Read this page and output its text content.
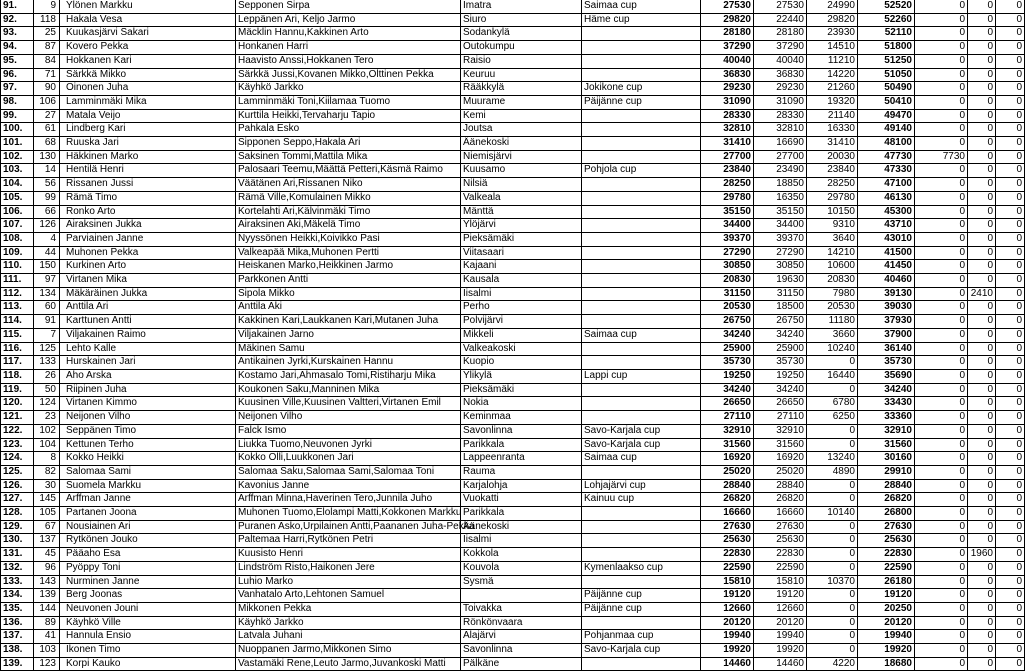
91.	9	Ylönen Markku	Sepponen Sirpa	Imatra	Saimaa cup	27530	27530	24990	52520	0	0	0
92.	118	Hakala Vesa	Leppänen Ari, Keljo Jarmo	Siuro	Häme cup	29820	22440	29820	52260	0	0	0
93.	25	Kuukasjärvi Sakari	Mäcklin Hannu,Kakkinen Arto	Sodankylä		28180	28180	23930	52110	0	0	0
94.	87	Kovero Pekka	Honkanen Harri	Outokumpu		37290	37290	14510	51800	0	0	0
95.	84	Hokkanen Kari	Haavisto Anssi,Hokkanen Tero	Raisio		40040	40040	11210	51250	0	0	0
96.	71	Särkkä Mikko	Särkkä Jussi,Kovanen Mikko,Olttinen Pekka	Keuruu		36830	36830	14220	51050	0	0	0
97.	90	Oinonen Juha	Käyhkö Jarkko	Rääkkylä	Jokikone cup	29230	29230	21260	50490	0	0	0
98.	106	Lamminmäki Mika	Lamminmäki Toni,Kiilamaa Tuomo	Muurame	Päijänne cup	31090	31090	19320	50410	0	0	0
99.	27	Matala Veijo	Kurttila Heikki,Tervaharju Tapio	Kemi		28330	28330	21140	49470	0	0	0
100.	61	Lindberg Kari	Pahkala Esko	Joutsa		32810	32810	16330	49140	0	0	0
101.	68	Ruuska Jari	Sipponen Seppo,Hakala Ari	Äänekoski		31410	16690	31410	48100	0	0	0
102.	130	Häkkinen Marko	Saksinen Tommi,Mattila Mika	Niemisjärvi		27700	27700	20030	47730	7730	0	0
103.	14	Hentilä Henri	Palosaari Teemu,Määttä Petteri,Käsmä Raimo	Kuusamo	Pohjola cup	23840	23490	23840	47330	0	0	0
104.	56	Rissanen Jussi	Väätänen Ari,Rissanen Niko	Nilsiä		28250	18850	28250	47100	0	0	0
105.	99	Rämä Timo	Rämä Ville,Komulainen Mikko	Valkeala		29780	16350	29780	46130	0	0	0
106.	66	Ronko Arto	Kortelahti Ari,Kälvinmäki Timo	Mänttä		35150	35150	10150	45300	0	0	0
107.	126	Airaksinen Jukka	Airaksinen Aki,Mäkelä Timo	Ylöjärvi		34400	34400	9310	43710	0	0	0
108.	4	Parviainen Janne	Nyyssönen Heikki,Koivikko Pasi	Pieksämäki		39370	39370	3640	43010	0	0	0
109.	44	Muhonen Pekka	Valkeapää Mika,Muhonen Pertti	Viitasaari		27290	27290	14210	41500	0	0	0
110.	150	Kurkinen Arto	Heiskanen Marko,Heikkinen Jarmo	Kajaani		30850	30850	10600	41450	0	0	0
111.	97	Virtanen Mika	Parkkonen Antti	Kausala		20830	19630	20830	40460	0	0	0
112.	134	Mäkäräinen Jukka	Sipola Mikko	Iisalmi		31150	31150	7980	39130	0	2410	0
113.	60	Anttila Ari	Anttila Aki	Perho		20530	18500	20530	39030	0	0	0
114.	91	Karttunen Antti	Kakkinen Kari,Laukkanen Kari,Mutanen Juha	Polvijärvi		26750	26750	11180	37930	0	0	0
115.	7	Viljakainen Raimo	Viljakainen Jarno	Mikkeli	Saimaa cup	34240	34240	3660	37900	0	0	0
116.	125	Lehto Kalle	Mäkinen Samu	Valkeakoski		25900	25900	10240	36140	0	0	0
117.	133	Hurskainen Jari	Antikainen Jyrki,Kurskainen Hannu	Kuopio		35730	35730	0	35730	0	0	0
118.	26	Aho Arska	Kostamo Jari,Ahmasalo Tomi,Ristiharju Mika	Ylikylä	Lappi cup	19250	19250	16440	35690	0	0	0
119.	50	Riipinen Juha	Koukonen Saku,Manninen Mika	Pieksämäki		34240	34240	0	34240	0	0	0
120.	124	Virtanen Kimmo	Kuusinen Ville,Kuusinen Valtteri,Virtanen Emil	Nokia		26650	26650	6780	33430	0	0	0
121.	23	Neijonen Vilho	Neijonen Vilho	Keminmaa		27110	27110	6250	33360	0	0	0
122.	102	Seppänen Timo	Falck Ismo	Savonlinna	Savo-Karjala cup	32910	32910	0	32910	0	0	0
123.	104	Kettunen Terho	Liukka Tuomo,Neuvonen Jyrki	Parikkala	Savo-Karjala cup	31560	31560	0	31560	0	0	0
124.	8	Kokko Heikki	Kokko Olli,Luukkonen Jari	Lappeenranta	Saimaa cup	16920	16920	13240	30160	0	0	0
125.	82	Salomaa Sami	Salomaa Saku,Salomaa Sami,Salomaa Toni	Rauma		25020	25020	4890	29910	0	0	0
126.	30	Suomela Markku	Kavonius Janne	Karjalohja	Lohjajärvi cup	28840	28840	0	28840	0	0	0
127.	145	Arffman Janne	Arffman Minna,Haverinen Tero,Junnila Juho	Vuokatti	Kainuu cup	26820	26820	0	26820	0	0	0
128.	105	Partanen Joona	Muhonen Tuomo,Elolampi Matti,Kokkonen Markku	Parikkala		16660	16660	10140	26800	0	0	0
129.	67	Nousiainen Ari	Puranen Asko,Urpilainen Antti,Paananen Juha-Pekka	Äänekoski		27630	27630	0	27630	0	0	0
130.	137	Rytkönen Jouko	Paltemaa Harri,Rytkönen Petri	Iisalmi		25630	25630	0	25630	0	0	0
131.	45	Pääaho Esa	Kuusisto Henri	Kokkola		22830	22830	0	22830	0	1960	0
132.	96	Pyöppy Toni	Lindström Risto,Haikonen Jere	Kouvola	Kymenlaakso cup	22590	22590	0	22590	0	0	0
133.	143	Nurminen Janne	Luhio Marko	Sysmä		15810	15810	10370	26180	0	0	0
134.	139	Berg Joonas	Vanhatalo Arto,Lehtonen Samuel		Päijänne cup	19120	19120	0	19120	0	0	0
135.	144	Neuvonen Jouni	Mikkonen Pekka	Toivakka	Päijänne cup	12660	12660	0	20250	0	0	0
136.	89	Käyhkö Ville	Käyhkö Jarkko	Rönkönvaara		20120	20120	0	20120	0	0	0
137.	41	Hannula Ensio	Latvala Juhani	Alajärvi	Pohjanmaa cup	19940	19940	0	19940	0	0	0
138.	103	Ikonen Timo	Nuoppanen Jarmo,Mikkonen Simo	Savonlinna	Savo-Karjala cup	19920	19920	0	19920	0	0	0
139.	123	Korpi Kauko	Vastamäki Rene,Leuto Jarmo,Juvankoski Matti	Pälkäne		14460	14460	4220	18680	0	0	0
